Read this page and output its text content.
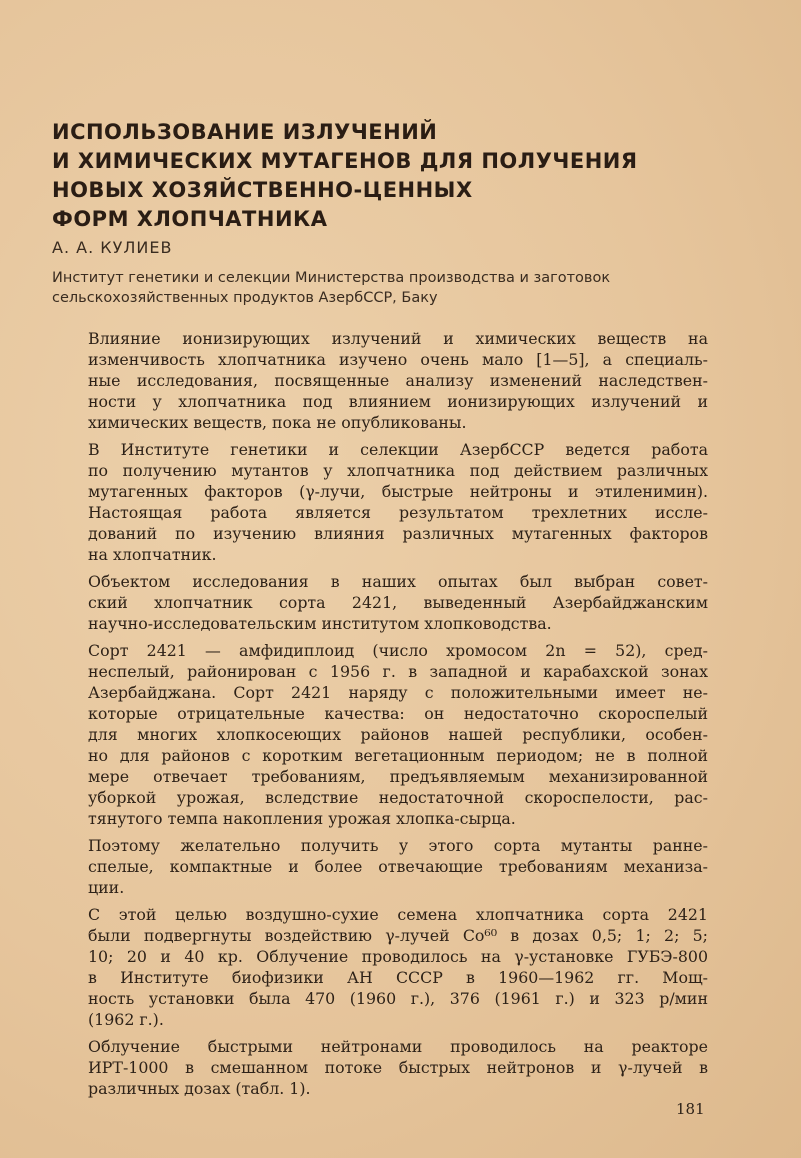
ИСПОЛЬЗОВАНИЕ ИЗЛУЧЕНИЙ
И ХИМИЧЕСКИХ МУТАГЕНОВ ДЛЯ ПОЛУЧЕНИЯ
НОВЫХ ХОЗЯЙСТВЕННО-ЦЕННЫХ
ФОРМ ХЛОПЧАТНИКА

А. А. КУЛИЕВ

Институт генетики и селекции Министерства производства и заготовок
сельскохозяйственных продуктов АзербССР, Баку

Влияние ионизирующих излучений и химических веществ на
изменчивость хлопчатника изучено очень мало [1—5], а специаль-
ные исследования, посвященные анализу изменений наследствен-
ности у хлопчатника под влиянием ионизирующих излучений и
химических веществ, пока не опубликованы.

В Институте генетики и селекции АзербССР ведется работа
по получению мутантов у хлопчатника под действием различных
мутагенных факторов (γ-лучи, быстрые нейтроны и этиленимин).
Настоящая работа является результатом трехлетних иссле-
дований по изучению влияния различных мутагенных факторов
на хлопчатник.

Объектом исследования в наших опытах был выбран совет-
ский хлопчатник сорта 2421, выведенный Азербайджанским
научно-исследовательским институтом хлопководства.

Сорт 2421 — амфидиплоид (число хромосом 2n = 52), сред-
неспелый, районирован с 1956 г. в западной и карабахской зонах
Азербайджана. Сорт 2421 наряду с положительными имеет не-
которые отрицательные качества: он недостаточно скороспелый
для многих хлопкосеющих районов нашей республики, особен-
но для районов с коротким вегетационным периодом; не в полной
мере отвечает требованиям, предъявляемым механизированной
уборкой урожая, вследствие недостаточной скороспелости, рас-
тянутого темпа накопления урожая хлопка-сырца.

Поэтому желательно получить у этого сорта мутанты ранне-
спелые, компактные и более отвечающие требованиям механиза-
ции.

С этой целью воздушно-сухие семена хлопчатника сорта 2421
были подвергнуты воздействию γ-лучей Co⁶⁰ в дозах 0,5; 1; 2; 5;
10; 20 и 40 кр. Облучение проводилось на γ-установке ГУБЭ-800
в Институте биофизики АН СССР в 1960—1962 гг. Мощ-
ность установки была 470 (1960 г.), 376 (1961 г.) и 323 р/мин
(1962 г.).

Облучение быстрыми нейтронами проводилось на реакторе
ИРТ-1000 в смешанном потоке быстрых нейтронов и γ-лучей в
различных дозах (табл. 1).

181
